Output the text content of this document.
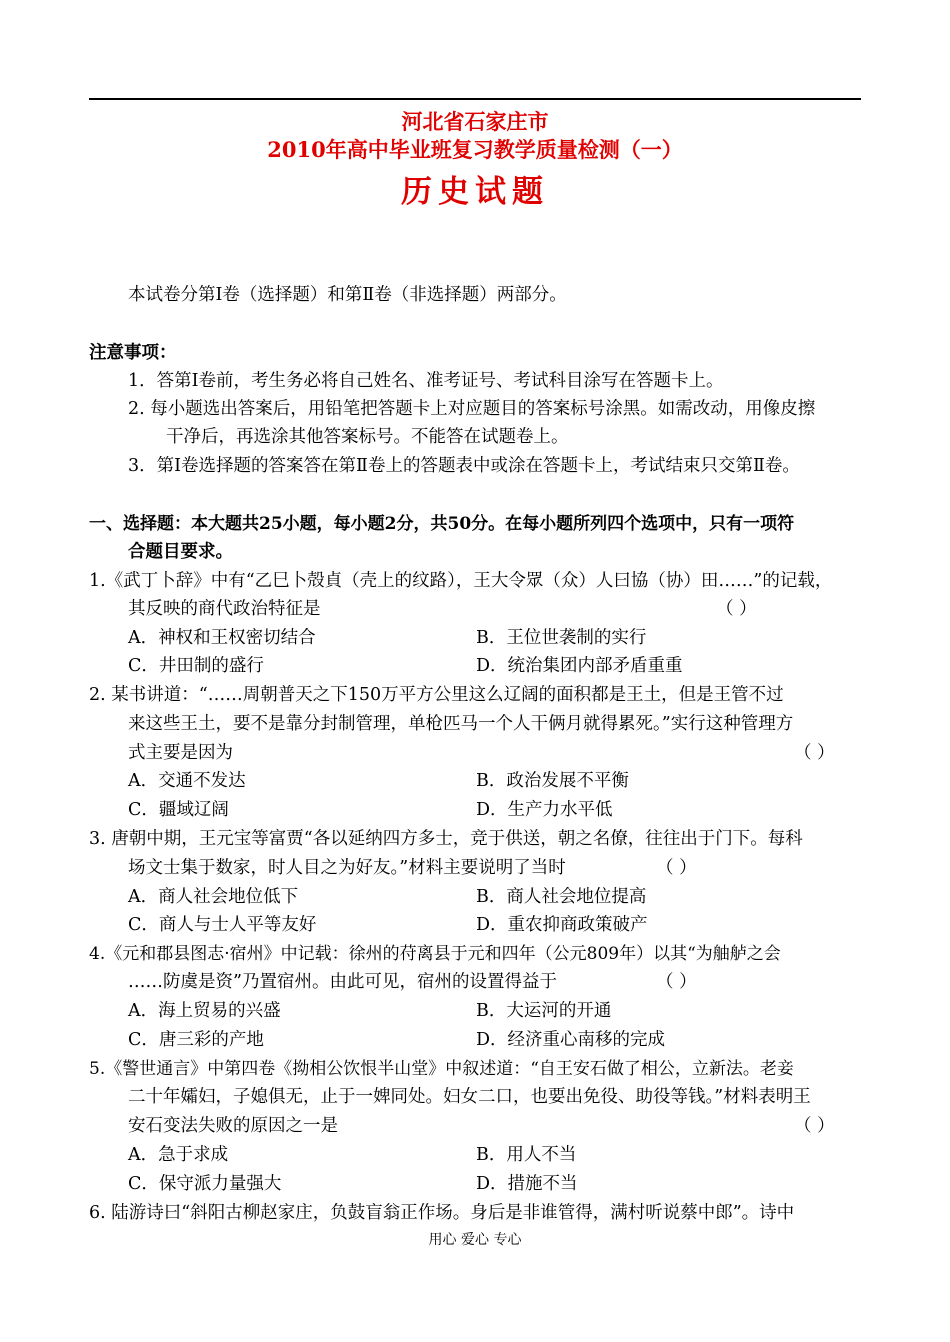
河北省石家庄市
2010年高中毕业班复习教学质量检测（一）
历史试题
本试卷分第Ⅰ卷（选择题）和第Ⅱ卷（非选择题）两部分。
注意事项：
1．答第Ⅰ卷前，考生务必将自己姓名、准考证号、考试科目涂写在答题卡上。
2. 每小题选出答案后，用铅笔把答题卡上对应题目的答案标号涂黑。如需改动，用像皮擦
干净后，再选涂其他答案标号。不能答在试题卷上。
3．第Ⅰ卷选择题的答案答在第Ⅱ卷上的答题表中或涂在答题卡上，考试结束只交第Ⅱ卷。
一、选择题：本大题共25小题，每小题2分，共50分。在每小题所列四个选项中，只有一项符
合题目要求。
1.《武丁卜辞》中有“乙巳卜殻貞（壳上的纹路），王大令眾（众）人曰協（协）田……”的记载，
其反映的商代政治特征是	（ ）
A．神权和王权密切结合	B．王位世袭制的实行
C．井田制的盛行	D．统治集团内部矛盾重重
2. 某书讲道：“……周朝普天之下150万平方公里这么辽阔的面积都是王土，但是王管不过
来这些王土，要不是靠分封制管理，单枪匹马一个人干俩月就得累死。”实行这种管理方
式主要是因为	（ ）
A．交通不发达	B．政治发展不平衡
C．疆域辽阔	D．生产力水平低
3. 唐朝中期，王元宝等富贾“各以延纳四方多士，竞于供送，朝之名僚，往往出于门下。每科
场文士集于数家，时人目之为好友。”材料主要说明了当时	（ ）
A．商人社会地位低下	B．商人社会地位提高
C．商人与士人平等友好	D．重农抑商政策破产
4.《元和郡县图志·宿州》中记载：徐州的苻离县于元和四年（公元809年）以其“为舳舻之会
……防虞是资”乃置宿州。由此可见，宿州的设置得益于	（ ）
A．海上贸易的兴盛	B．大运河的开通
C．唐三彩的产地	D．经济重心南移的完成
5.《警世通言》中第四卷《拗相公饮恨半山堂》中叙述道：“自王安石做了相公，立新法。老妾
二十年孀妇，子媳俱无，止于一婢同处。妇女二口，也要出免役、助役等钱。”材料表明王
安石变法失败的原因之一是	（ ）
A．急于求成	B．用人不当
C．保守派力量强大	D．措施不当
6. 陆游诗曰“斜阳古柳赵家庄，负鼓盲翁正作场。身后是非谁管得，满村听说蔡中郎”。诗中
用心 爱心 专心
